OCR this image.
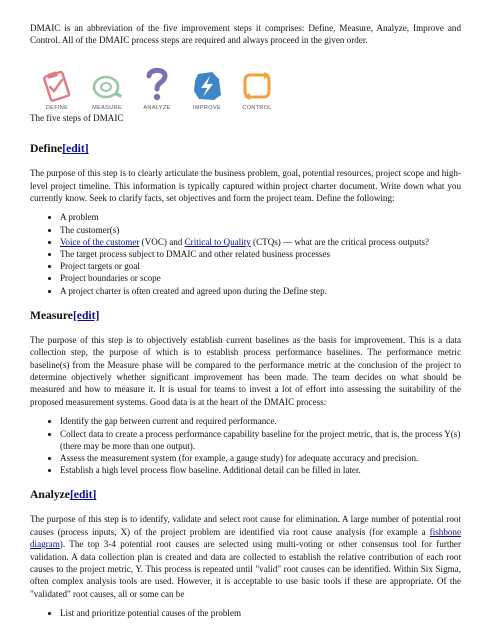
DMAIC is an abbreviation of the five improvement steps it comprises: Define, Measure, Analyze, Improve and Control. All of the DMAIC process steps are required and always proceed in the given order.

DEFINE	MEASURE	ANALYZE	IMPROVE	CONTROL

The five steps of DMAIC

Define[edit]

The purpose of this step is to clearly articulate the business problem, goal, potential resources, project scope and high-level project timeline. This information is typically captured within project charter document. Write down what you currently know. Seek to clarify facts, set objectives and form the project team. Define the following:

• A problem
• The customer(s)
• Voice of the customer (VOC) and Critical to Quality (CTQs) — what are the critical process outputs?
• The target process subject to DMAIC and other related business processes
• Project targets or goal
• Project boundaries or scope
• A project charter is often created and agreed upon during the Define step.
Measure[edit]

The purpose of this step is to objectively establish current baselines as the basis for improvement. This is a data collection step, the purpose of which is to establish process performance baselines. The performance metric baseline(s) from the Measure phase will be compared to the performance metric at the conclusion of the project to determine objectively whether significant improvement has been made. The team decides on what should be measured and how to measure it. It is usual for teams to invest a lot of effort into assessing the suitability of the proposed measurement systems. Good data is at the heart of the DMAIC process:

• Identify the gap between current and required performance.
• Collect data to create a process performance capability baseline for the project metric, that is, the process Y(s) (there may be more than one output).
• Assess the measurement system (for example, a gauge study) for adequate accuracy and precision.
• Establish a high level process flow baseline. Additional detail can be filled in later.
Analyze[edit]

The purpose of this step is to identify, validate and select root cause for elimination. A large number of potential root causes (process inputs, X) of the project problem are identified via root cause analysis (for example a fishbone diagram). The top 3-4 potential root causes are selected using multi-voting or other consensus tool for further validation. A data collection plan is created and data are collected to establish the relative contribution of each root causes to the project metric, Y. This process is repeated until "valid" root causes can be identified. Within Six Sigma, often complex analysis tools are used. However, it is acceptable to use basic tools if these are appropriate. Of the "validated" root causes, all or some can be

• List and prioritize potential causes of the problem
